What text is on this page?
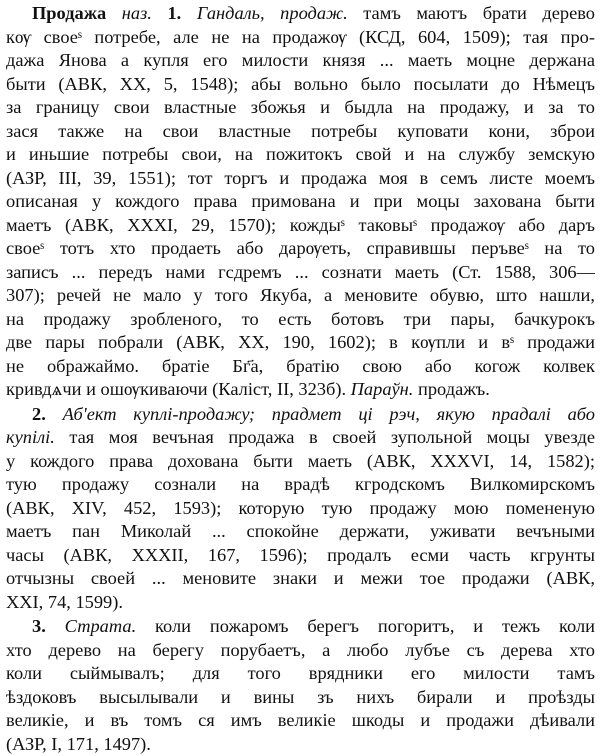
Продажа наз. 1. Гандаль, продаж. тамъ маютъ брати дерево
кѹ своеˢ потребе, але не на продажѹ (КСД, 604, 1509); тая про-
дажа Янова а купля его милости князя ... маеть моцне держана
быти (АВК, XX, 5, 1548); абы вольно было посылати до Нѣмецъ
за границу свои властные збожья и быдла на продажу, и за то
зася также на свои властные потребы куповати кони, зброи
и иньшие потребы свои, на пожитокъ свой и на службу земскую
(АЗР, III, 39, 1551); тот торгъ и продажа моя в семъ листе моемъ
описаная у кождого права примована и при моцы захована быти
маетъ (АВК, XXXI, 29, 1570); кождыˢ таковыˢ продажѹ або даръ
своеˢ тотъ хто продаеть або дарѹеть, справившы перъвеˢ на то
записъ ... передъ нами гсдремъ ... сознати маеть (Ст. 1588, 306—
307); речей не мало у того Якуба, а меновите обувю, што нашли,
на продажу зробленого, то есть ботовъ три пары, бачкурокъ
две пары побрали (АВК, XX, 190, 1602); в кѹпли и вˢ продажи
не ображаймо. братіе Бг҃а, братію свою або когож колвек
кривдѧчи и ошѹкиваючи (Каліст, II, 323б). Параўн. продажъ.
2. Аб'ект куплі-продажу; прадмет ці рэч, якую прадалі або
купілі. тая моя вечъная продажа в своей зупольной моцы увезде
у кождого права дохована быти маеть (АВК, XXXVI, 14, 1582);
тую продажу сознали на врадѣ кгродскомъ Вилкомирскомъ
(АВК, XIV, 452, 1593); которую тую продажу мою помененую
маетъ пан Миколай ... спокойне держати, уживати вечъными
часы (АВК, XXXII, 167, 1596); продалъ есми часть кгрунты
отчызны своей ... меновите знаки и межи тое продажи (АВК,
XXI, 74, 1599).
3. Страта. коли пожаромъ берегъ погоритъ, и тежъ коли
хто дерево на берегу порубаетъ, а любо лубъе съ дерева хто
коли сыймывалъ; для того врядники его милости тамъ
ѣздоковъ высылывали и вины зъ нихъ бирали и проѣзды
великіе, и въ томъ ся имъ великіе шкоды и продажи дѣивали
(АЗР, I, 171, 1497).
